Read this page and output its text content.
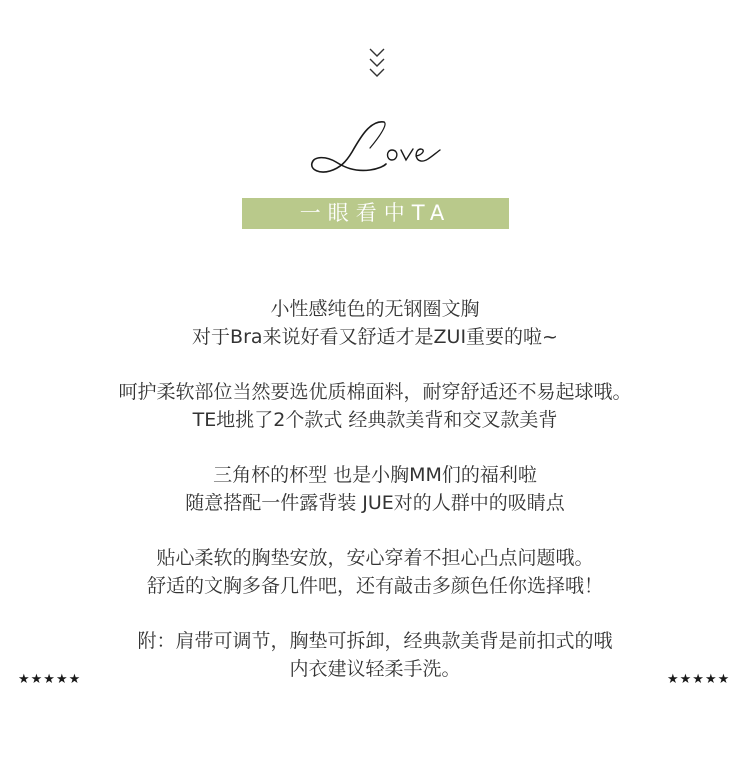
一眼看中TA
小性感纯色的无钢圈文胸
对于Bra来说好看又舒适才是ZUI重要的啦~
呵护柔软部位当然要选优质棉面料，耐穿舒适还不易起球哦。
TE地挑了2个款式 经典款美背和交叉款美背
三角杯的杯型 也是小胸MM们的福利啦
随意搭配一件露背装 JUE对的人群中的吸睛点
贴心柔软的胸垫安放，安心穿着不担心凸点问题哦。
舒适的文胸多备几件吧，还有敲击多颜色任你选择哦！
附：肩带可调节，胸垫可拆卸，经典款美背是前扣式的哦
内衣建议轻柔手洗。
★★★★★	★★★★★
